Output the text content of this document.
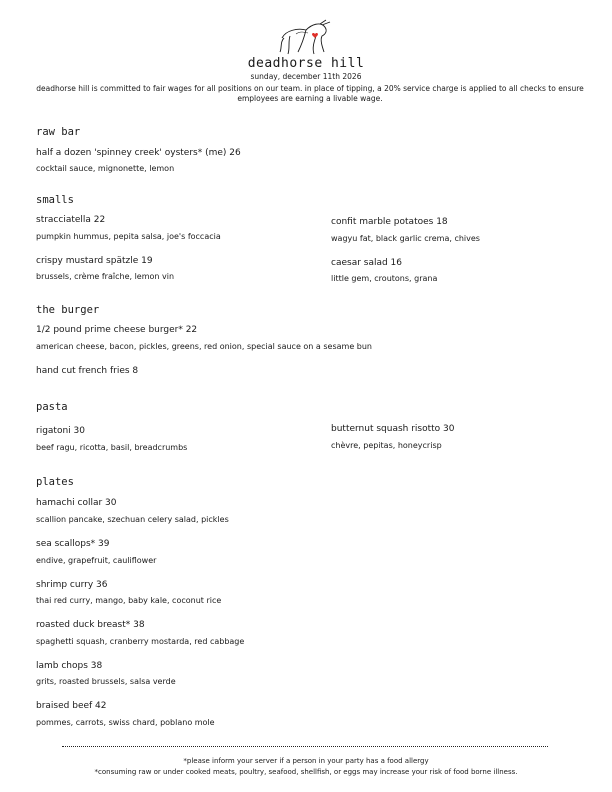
deadhorse hill
sunday, december 11th 2026
deadhorse hill is committed to fair wages for all positions on our team. in place of tipping, a 20% service charge is applied to all checks to ensure employees are earning a livable wage.
raw bar
half a dozen 'spinney creek' oysters* (me) 26
cocktail sauce, mignonette, lemon
smalls
stracciatella 22
pumpkin hummus, pepita salsa, joe's foccacia
confit marble potatoes 18
wagyu fat, black garlic crema, chives
crispy mustard spätzle 19
brussels, crème fraîche, lemon vin
caesar salad 16
little gem, croutons, grana
the burger
1/2 pound prime cheese burger* 22
american cheese, bacon, pickles, greens, red onion, special sauce on a sesame bun
hand cut french fries 8
pasta
rigatoni 30
beef ragu, ricotta, basil, breadcrumbs
butternut squash risotto 30
chèvre, pepitas, honeycrisp
plates
hamachi collar 30
scallion pancake, szechuan celery salad, pickles
sea scallops* 39
endive, grapefruit, cauliflower
shrimp curry 36
thai red curry, mango, baby kale, coconut rice
roasted duck breast* 38
spaghetti squash, cranberry mostarda, red cabbage
lamb chops 38
grits, roasted brussels, salsa verde
braised beef 42
pommes, carrots, swiss chard, poblano mole
*please inform your server if a person in your party has a food allergy
*consuming raw or under cooked meats, poultry, seafood, shellfish, or eggs may increase your risk of food borne illness.
